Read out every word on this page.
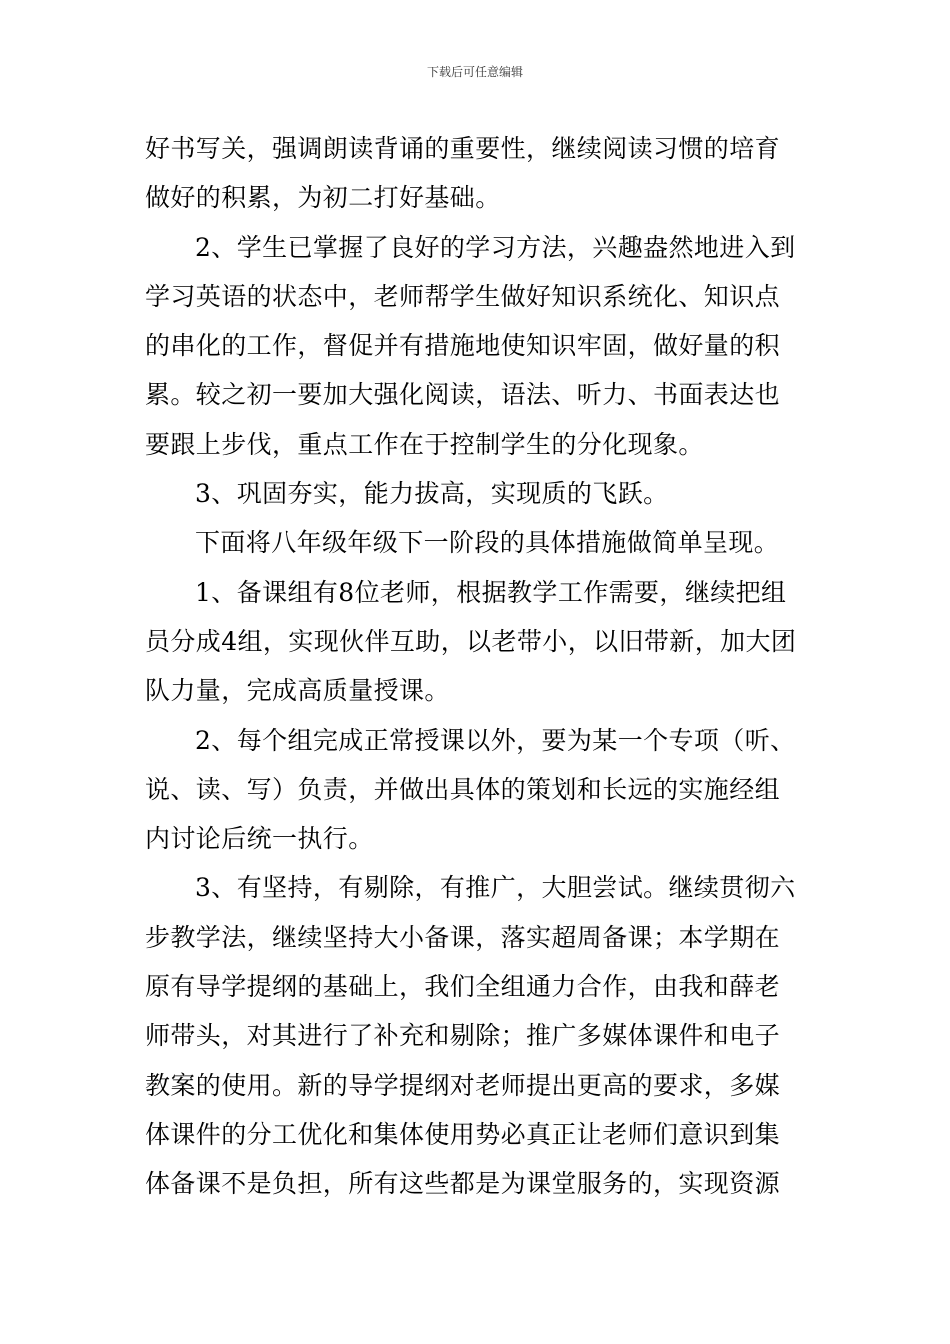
下载后可任意编辑
好书写关，强调朗读背诵的重要性，继续阅读习惯的培育
做好的积累，为初二打好基础。
2、学生已掌握了良好的学习方法，兴趣盎然地进入到
学习英语的状态中，老师帮学生做好知识系统化、知识点
的串化的工作，督促并有措施地使知识牢固，做好量的积
累。较之初一要加大强化阅读，语法、听力、书面表达也
要跟上步伐，重点工作在于控制学生的分化现象。
3、巩固夯实，能力拔高，实现质的飞跃。
下面将八年级年级下一阶段的具体措施做简单呈现。
1、备课组有8位老师，根据教学工作需要，继续把组
员分成4组，实现伙伴互助，以老带小，以旧带新，加大团
队力量，完成高质量授课。
2、每个组完成正常授课以外，要为某一个专项（听、
说、读、写）负责，并做出具体的策划和长远的实施经组
内讨论后统一执行。
3、有坚持，有剔除，有推广，大胆尝试。继续贯彻六
步教学法，继续坚持大小备课，落实超周备课；本学期在
原有导学提纲的基础上，我们全组通力合作，由我和薛老
师带头，对其进行了补充和剔除；推广多媒体课件和电子
教案的使用。新的导学提纲对老师提出更高的要求，多媒
体课件的分工优化和集体使用势必真正让老师们意识到集
体备课不是负担，所有这些都是为课堂服务的，实现资源
